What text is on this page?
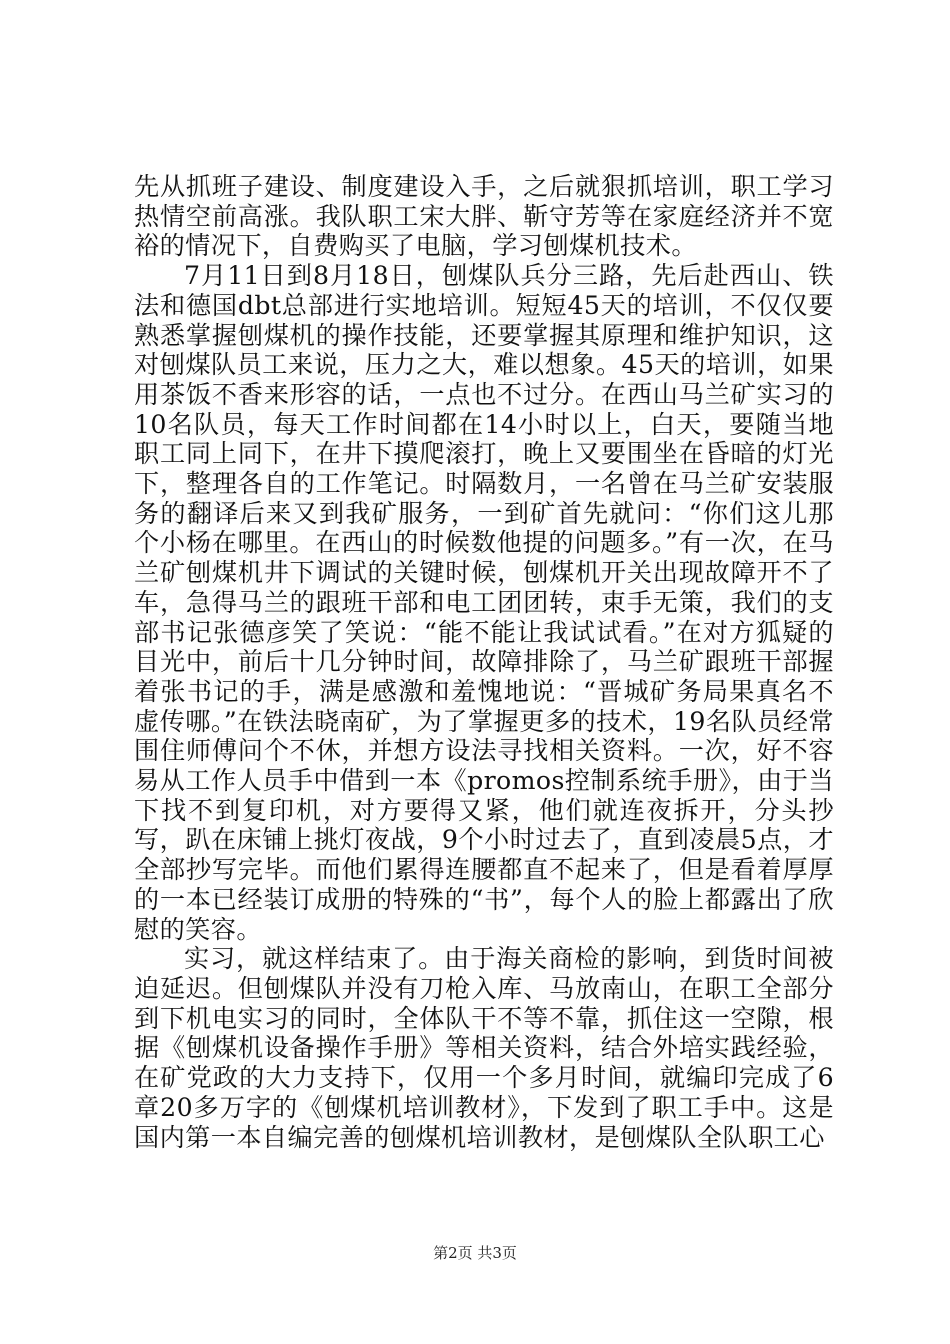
先从抓班子建设、制度建设入手，之后就狠抓培训，职工学习热情空前高涨。我队职工宋大胖、靳守芳等在家庭经济并不宽裕的情况下，自费购买了电脑，学习刨煤机技术。

7月11日到8月18日，刨煤队兵分三路，先后赴西山、铁法和德国dbt总部进行实地培训。短短45天的培训，不仅仅要熟悉掌握刨煤机的操作技能，还要掌握其原理和维护知识，这对刨煤队员工来说，压力之大，难以想象。45天的培训，如果用茶饭不香来形容的话，一点也不过分。在西山马兰矿实习的10名队员，每天工作时间都在14小时以上，白天，要随当地职工同上同下，在井下摸爬滚打，晚上又要围坐在昏暗的灯光下，整理各自的工作笔记。时隔数月，一名曾在马兰矿安装服务的翻译后来又到我矿服务，一到矿首先就问：“你们这儿那个小杨在哪里。在西山的时候数他提的问题多。”有一次，在马兰矿刨煤机井下调试的关键时候，刨煤机开关出现故障开不了车，急得马兰的跟班干部和电工团团转，束手无策，我们的支部书记张德彦笑了笑说：“能不能让我试试看。”在对方狐疑的目光中，前后十几分钟时间，故障排除了，马兰矿跟班干部握着张书记的手，满是感激和羞愧地说：“晋城矿务局果真名不虚传哪。”在铁法晓南矿，为了掌握更多的技术，19名队员经常围住师傅问个不休，并想方设法寻找相关资料。一次，好不容易从工作人员手中借到一本《promos控制系统手册》，由于当下找不到复印机，对方要得又紧，他们就连夜拆开，分头抄写，趴在床铺上挑灯夜战，9个小时过去了，直到凌晨5点，才全部抄写完毕。而他们累得连腰都直不起来了，但是看着厚厚的一本已经装订成册的特殊的“书”，每个人的脸上都露出了欣慰的笑容。

实习，就这样结束了。由于海关商检的影响，到货时间被迫延迟。但刨煤队并没有刀枪入库、马放南山，在职工全部分到下机电实习的同时，全体队干不等不靠，抓住这一空隙，根据《刨煤机设备操作手册》等相关资料，结合外培实践经验，在矿党政的大力支持下，仅用一个多月时间，就编印完成了6章20多万字的《刨煤机培训教材》，下发到了职工手中。这是国内第一本自编完善的刨煤机培训教材，是刨煤队全队职工心

第2页 共3页
